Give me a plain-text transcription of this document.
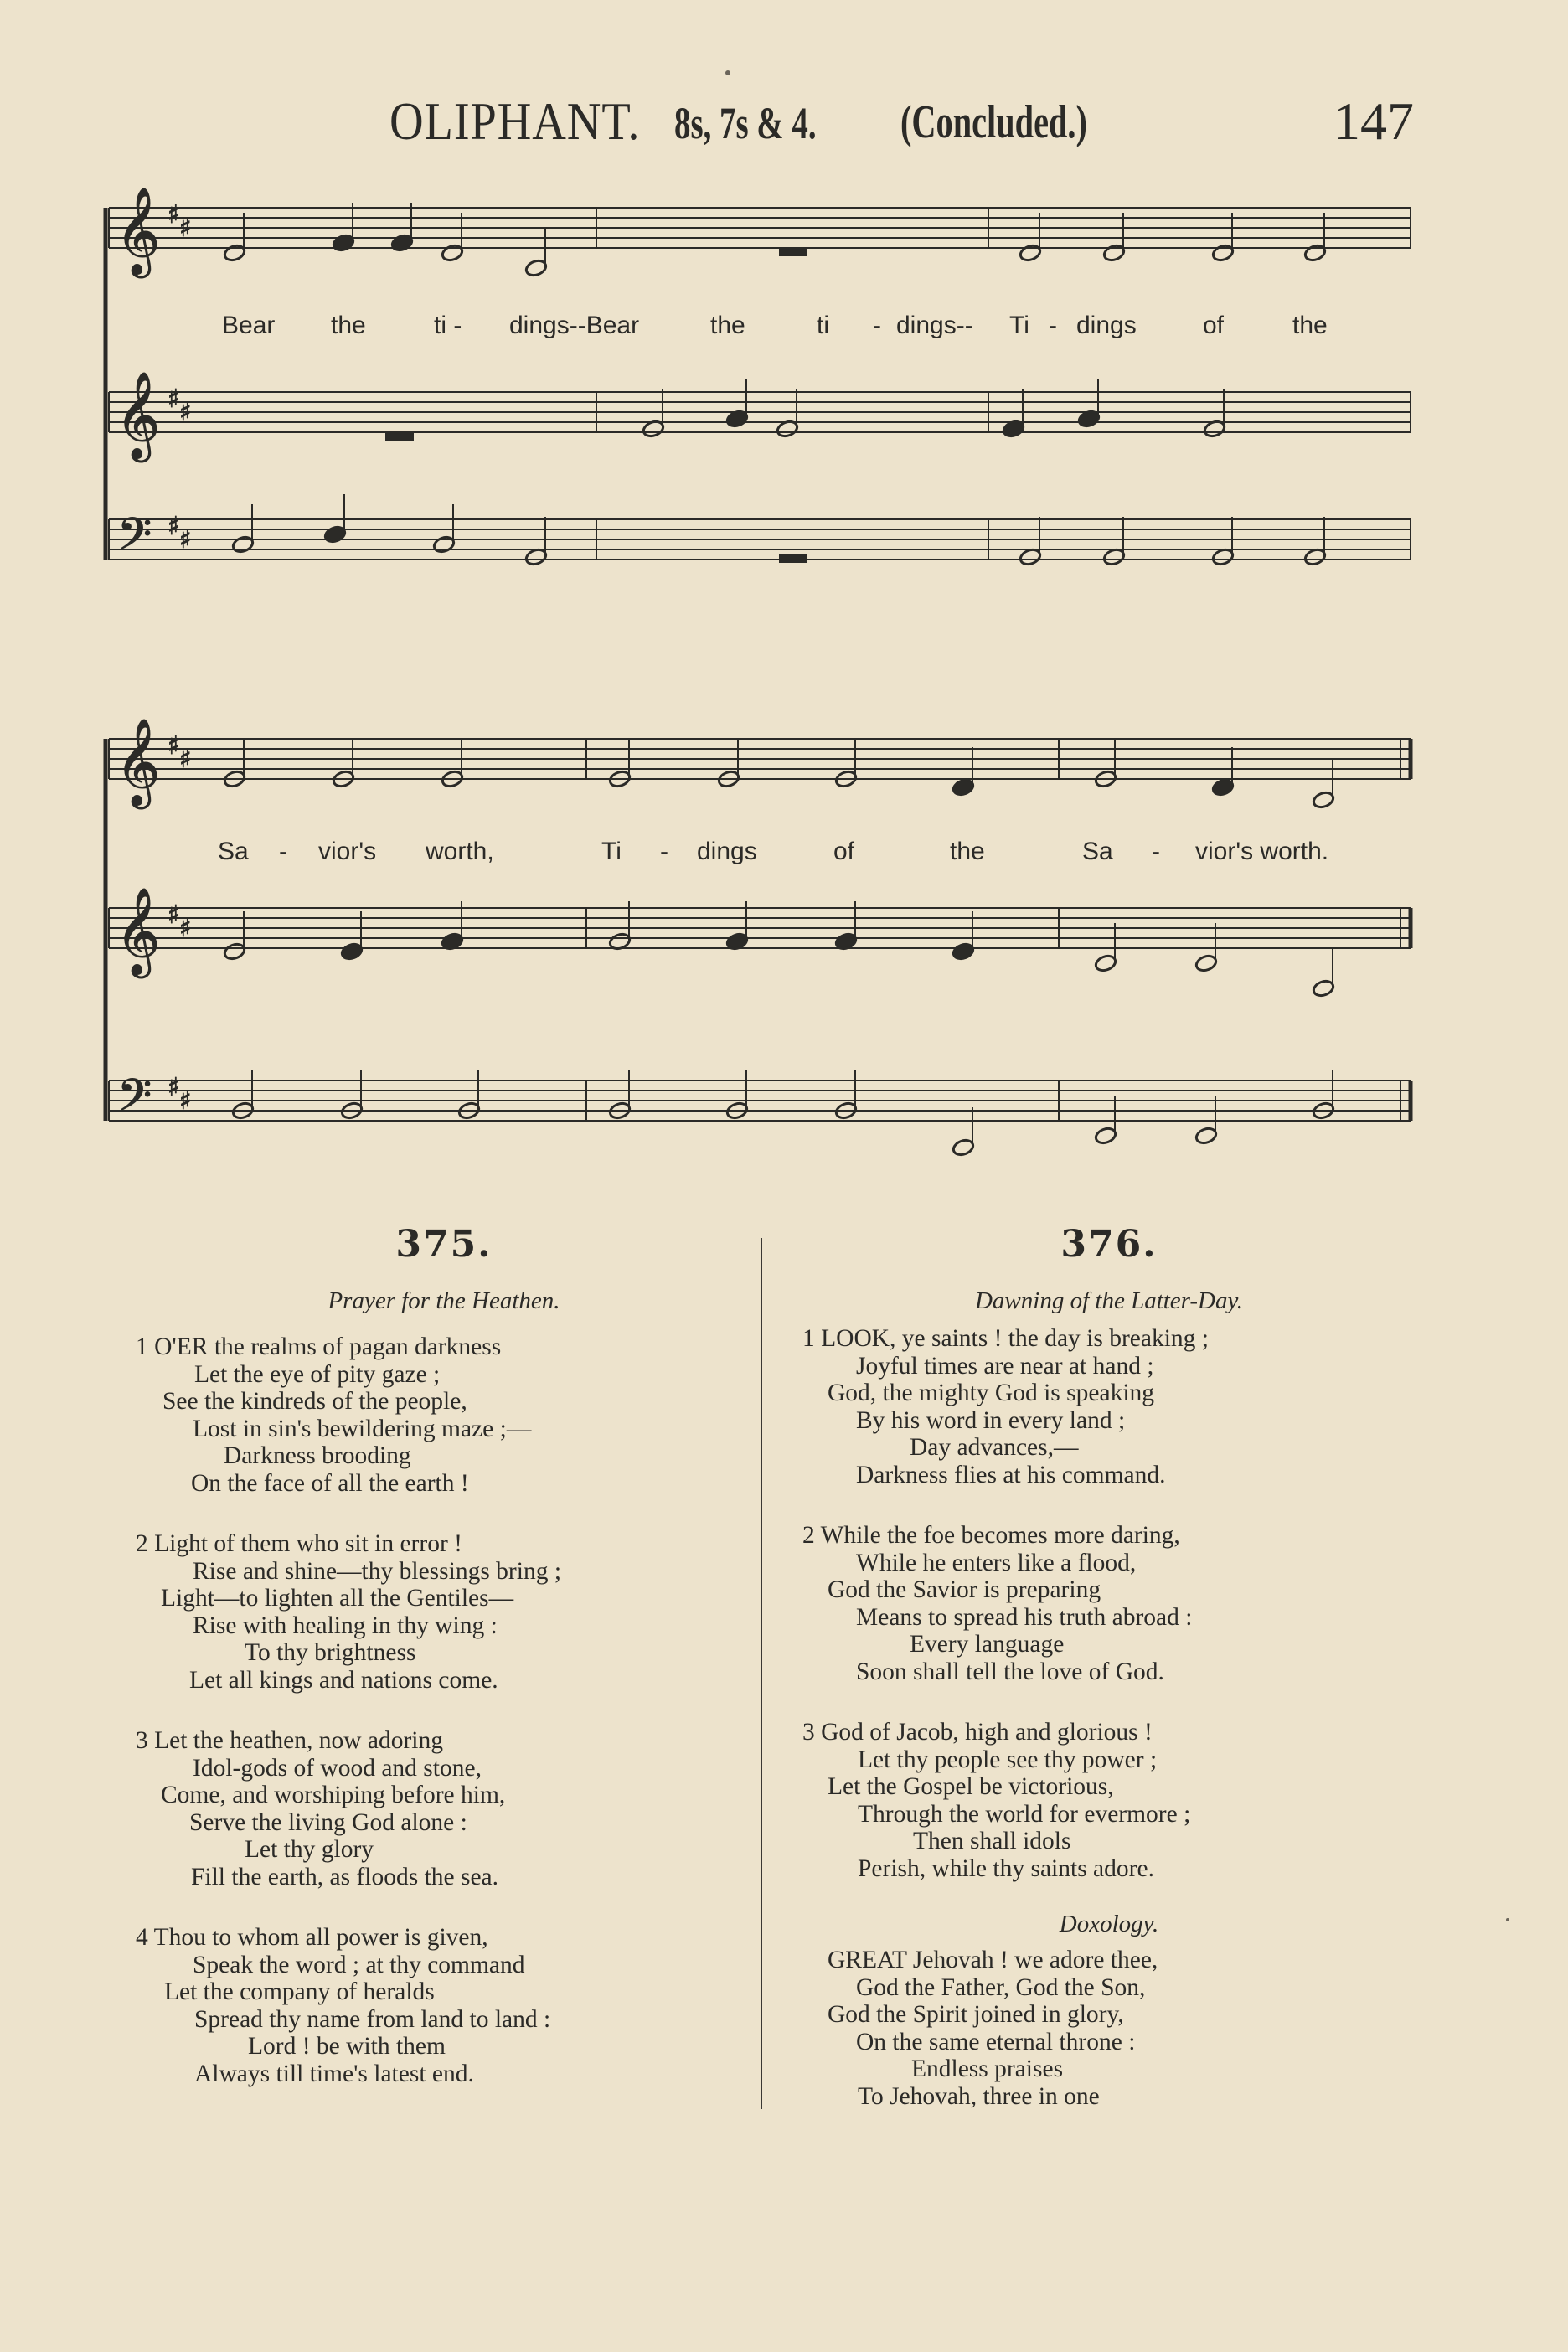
OLIPHANT. 8s, 7s & 4. (Concluded.)	147
𝄞
𝄞
𝄞
𝄞
𝄢
𝄢
♯ ♯
♯ ♯
♯ ♯
♯ ♯
♯ ♯
♯ ♯
Bear the	ti - dings--Bear	the	ti - dings-- Ti - dings	of	the
Sa - vior's worth,	Ti - dings	of	the	Sa - vior's worth.
375.
Prayer for the Heathen.
1 O'ER the realms of pagan darkness
Let the eye of pity gaze ;
See the kindreds of the people,
Lost in sin's bewildering maze ;—
Darkness brooding
On the face of all the earth !
2 Light of them who sit in error !
Rise and shine—thy blessings bring ;
Light—to lighten all the Gentiles—
Rise with healing in thy wing :
To thy brightness
Let all kings and nations come.
3 Let the heathen, now adoring
Idol-gods of wood and stone,
Come, and worshiping before him,
Serve the living God alone :
Let thy glory
Fill the earth, as floods the sea.
4 Thou to whom all power is given,
Speak the word ; at thy command
Let the company of heralds
Spread thy name from land to land :
Lord ! be with them
Always till time's latest end.
376.
Dawning of the Latter-Day.
1 LOOK, ye saints ! the day is breaking ;
Joyful times are near at hand ;
God, the mighty God is speaking
By his word in every land ;
Day advances,—
Darkness flies at his command.
2 While the foe becomes more daring,
While he enters like a flood,
God the Savior is preparing
Means to spread his truth abroad :
Every language
Soon shall tell the love of God.
3 God of Jacob, high and glorious !
Let thy people see thy power ;
Let the Gospel be victorious,
Through the world for evermore ;
Then shall idols
Perish, while thy saints adore.
Doxology.
GREAT Jehovah ! we adore thee,
God the Father, God the Son,
God the Spirit joined in glory,
On the same eternal throne :
Endless praises
To Jehovah, three in one
